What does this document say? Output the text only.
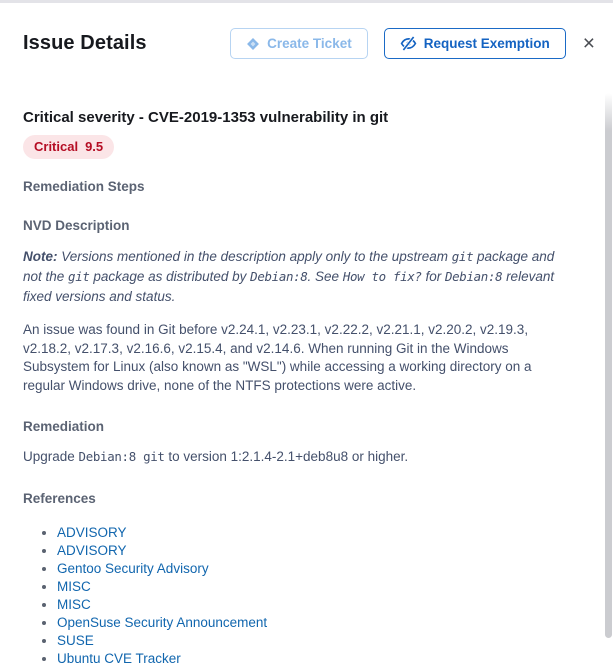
Issue Details	Create Ticket	Request Exemption ×
Critical severity - CVE-2019-1353 vulnerability in git
Critical 9.5
Remediation Steps
NVD Description

Note: Versions mentioned in the description apply only to the upstream git package and not the git package as distributed by Debian:8. See How to fix? for Debian:8 relevant fixed versions and status.

An issue was found in Git before v2.24.1, v2.23.1, v2.22.2, v2.21.1, v2.20.2, v2.19.3, v2.18.2, v2.17.3, v2.16.6, v2.15.4, and v2.14.6. When running Git in the Windows Subsystem for Linux (also known as "WSL") while accessing a working directory on a regular Windows drive, none of the NTFS protections were active.

Remediation

Upgrade Debian:8 git to version 1:2.1.4-2.1+deb8u8 or higher.

References
• ADVISORY
• ADVISORY
• Gentoo Security Advisory
• MISC
• MISC
• OpenSuse Security Announcement
• SUSE
• Ubuntu CVE Tracker
